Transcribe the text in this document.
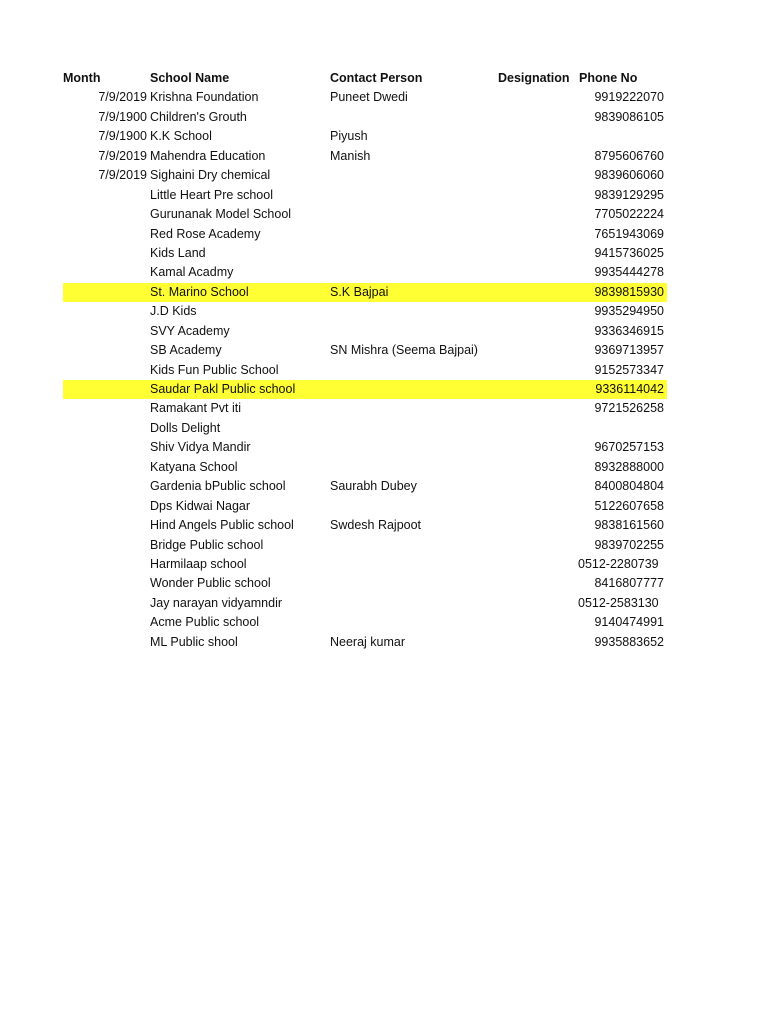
Month	School Name	Contact Person	Designation Phone No
7/9/2019 Krishna Foundation	Puneet Dwedi	9919222070
7/9/1900 Children's Grouth	9839086105
7/9/1900 K.K School	Piyush
7/9/2019 Mahendra Education	Manish	8795606760
7/9/2019 Sighaini Dry chemical	9839606060
Little Heart Pre school	9839129295
Gurunanak Model School	7705022224
Red Rose Academy	7651943069
Kids Land	9415736025
Kamal Acadmy	9935444278
St. Marino School	S.K Bajpai	9839815930
J.D Kids	9935294950
SVY Academy	9336346915
SB Academy	SN Mishra (Seema Bajpai)	9369713957
Kids Fun Public School	9152573347
Saudar Pakl Public school	9336114042
Ramakant Pvt iti	9721526258
Dolls Delight
Shiv Vidya Mandir	9670257153
Katyana School	8932888000
Gardenia bPublic school	Saurabh Dubey	8400804804
Dps Kidwai Nagar	5122607658
Hind Angels Public school	Swdesh Rajpoot	9838161560
Bridge Public school	9839702255
Harmilaap school	0512-2280739
Wonder Public school	8416807777
Jay narayan vidyamndir	0512-2583130
Acme Public school	9140474991
ML Public shool	Neeraj kumar	9935883652
